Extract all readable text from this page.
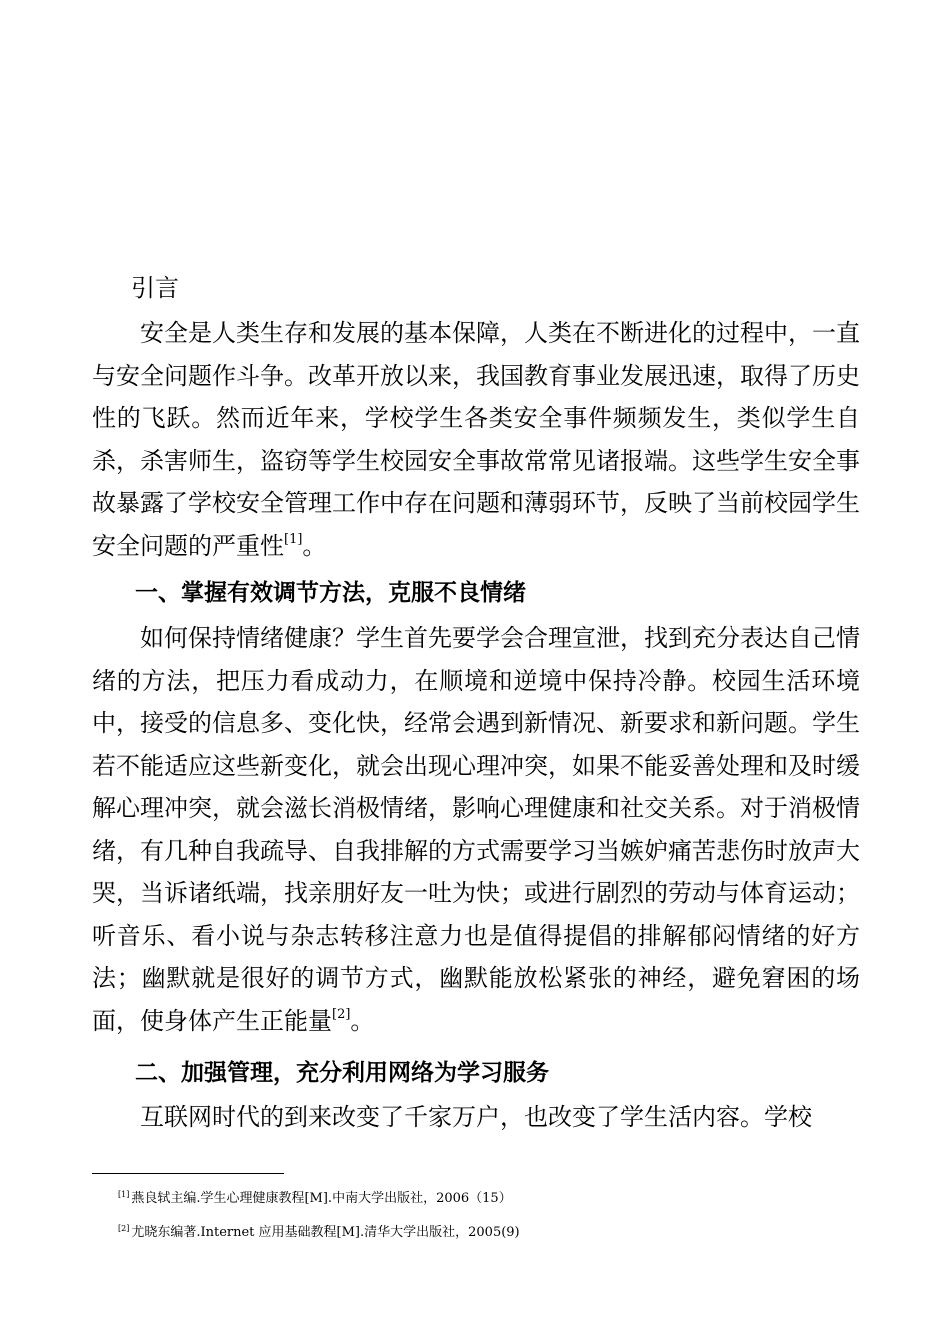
引言

安全是人类生存和发展的基本保障，人类在不断进化的过程中，一直与安全问题作斗争。改革开放以来，我国教育事业发展迅速，取得了历史性的飞跃。然而近年来，学校学生各类安全事件频频发生，类似学生自杀，杀害师生，盗窃等学生校园安全事故常常见诸报端。这些学生安全事故暴露了学校安全管理工作中存在问题和薄弱环节，反映了当前校园学生安全问题的严重性[1]。

一、掌握有效调节方法，克服不良情绪

如何保持情绪健康？学生首先要学会合理宣泄，找到充分表达自己情绪的方法，把压力看成动力，在顺境和逆境中保持冷静。校园生活环境中，接受的信息多、变化快，经常会遇到新情况、新要求和新问题。学生若不能适应这些新变化，就会出现心理冲突，如果不能妥善处理和及时缓解心理冲突，就会滋长消极情绪，影响心理健康和社交关系。对于消极情绪，有几种自我疏导、自我排解的方式需要学习当嫉妒痛苦悲伤时放声大哭，当诉诸纸端，找亲朋好友一吐为快；或进行剧烈的劳动与体育运动；听音乐、看小说与杂志转移注意力也是值得提倡的排解郁闷情绪的好方法；幽默就是很好的调节方式，幽默能放松紧张的神经，避免窘困的场面，使身体产生正能量[2]。

二、加强管理，充分利用网络为学习服务

互联网时代的到来改变了千家万户，也改变了学生活内容。学校

[1] 燕良轼主编.学生心理健康教程[M].中南大学出版社，2006（15）
[2] 尤晓东编著.Internet 应用基础教程[M].清华大学出版社，2005(9)
